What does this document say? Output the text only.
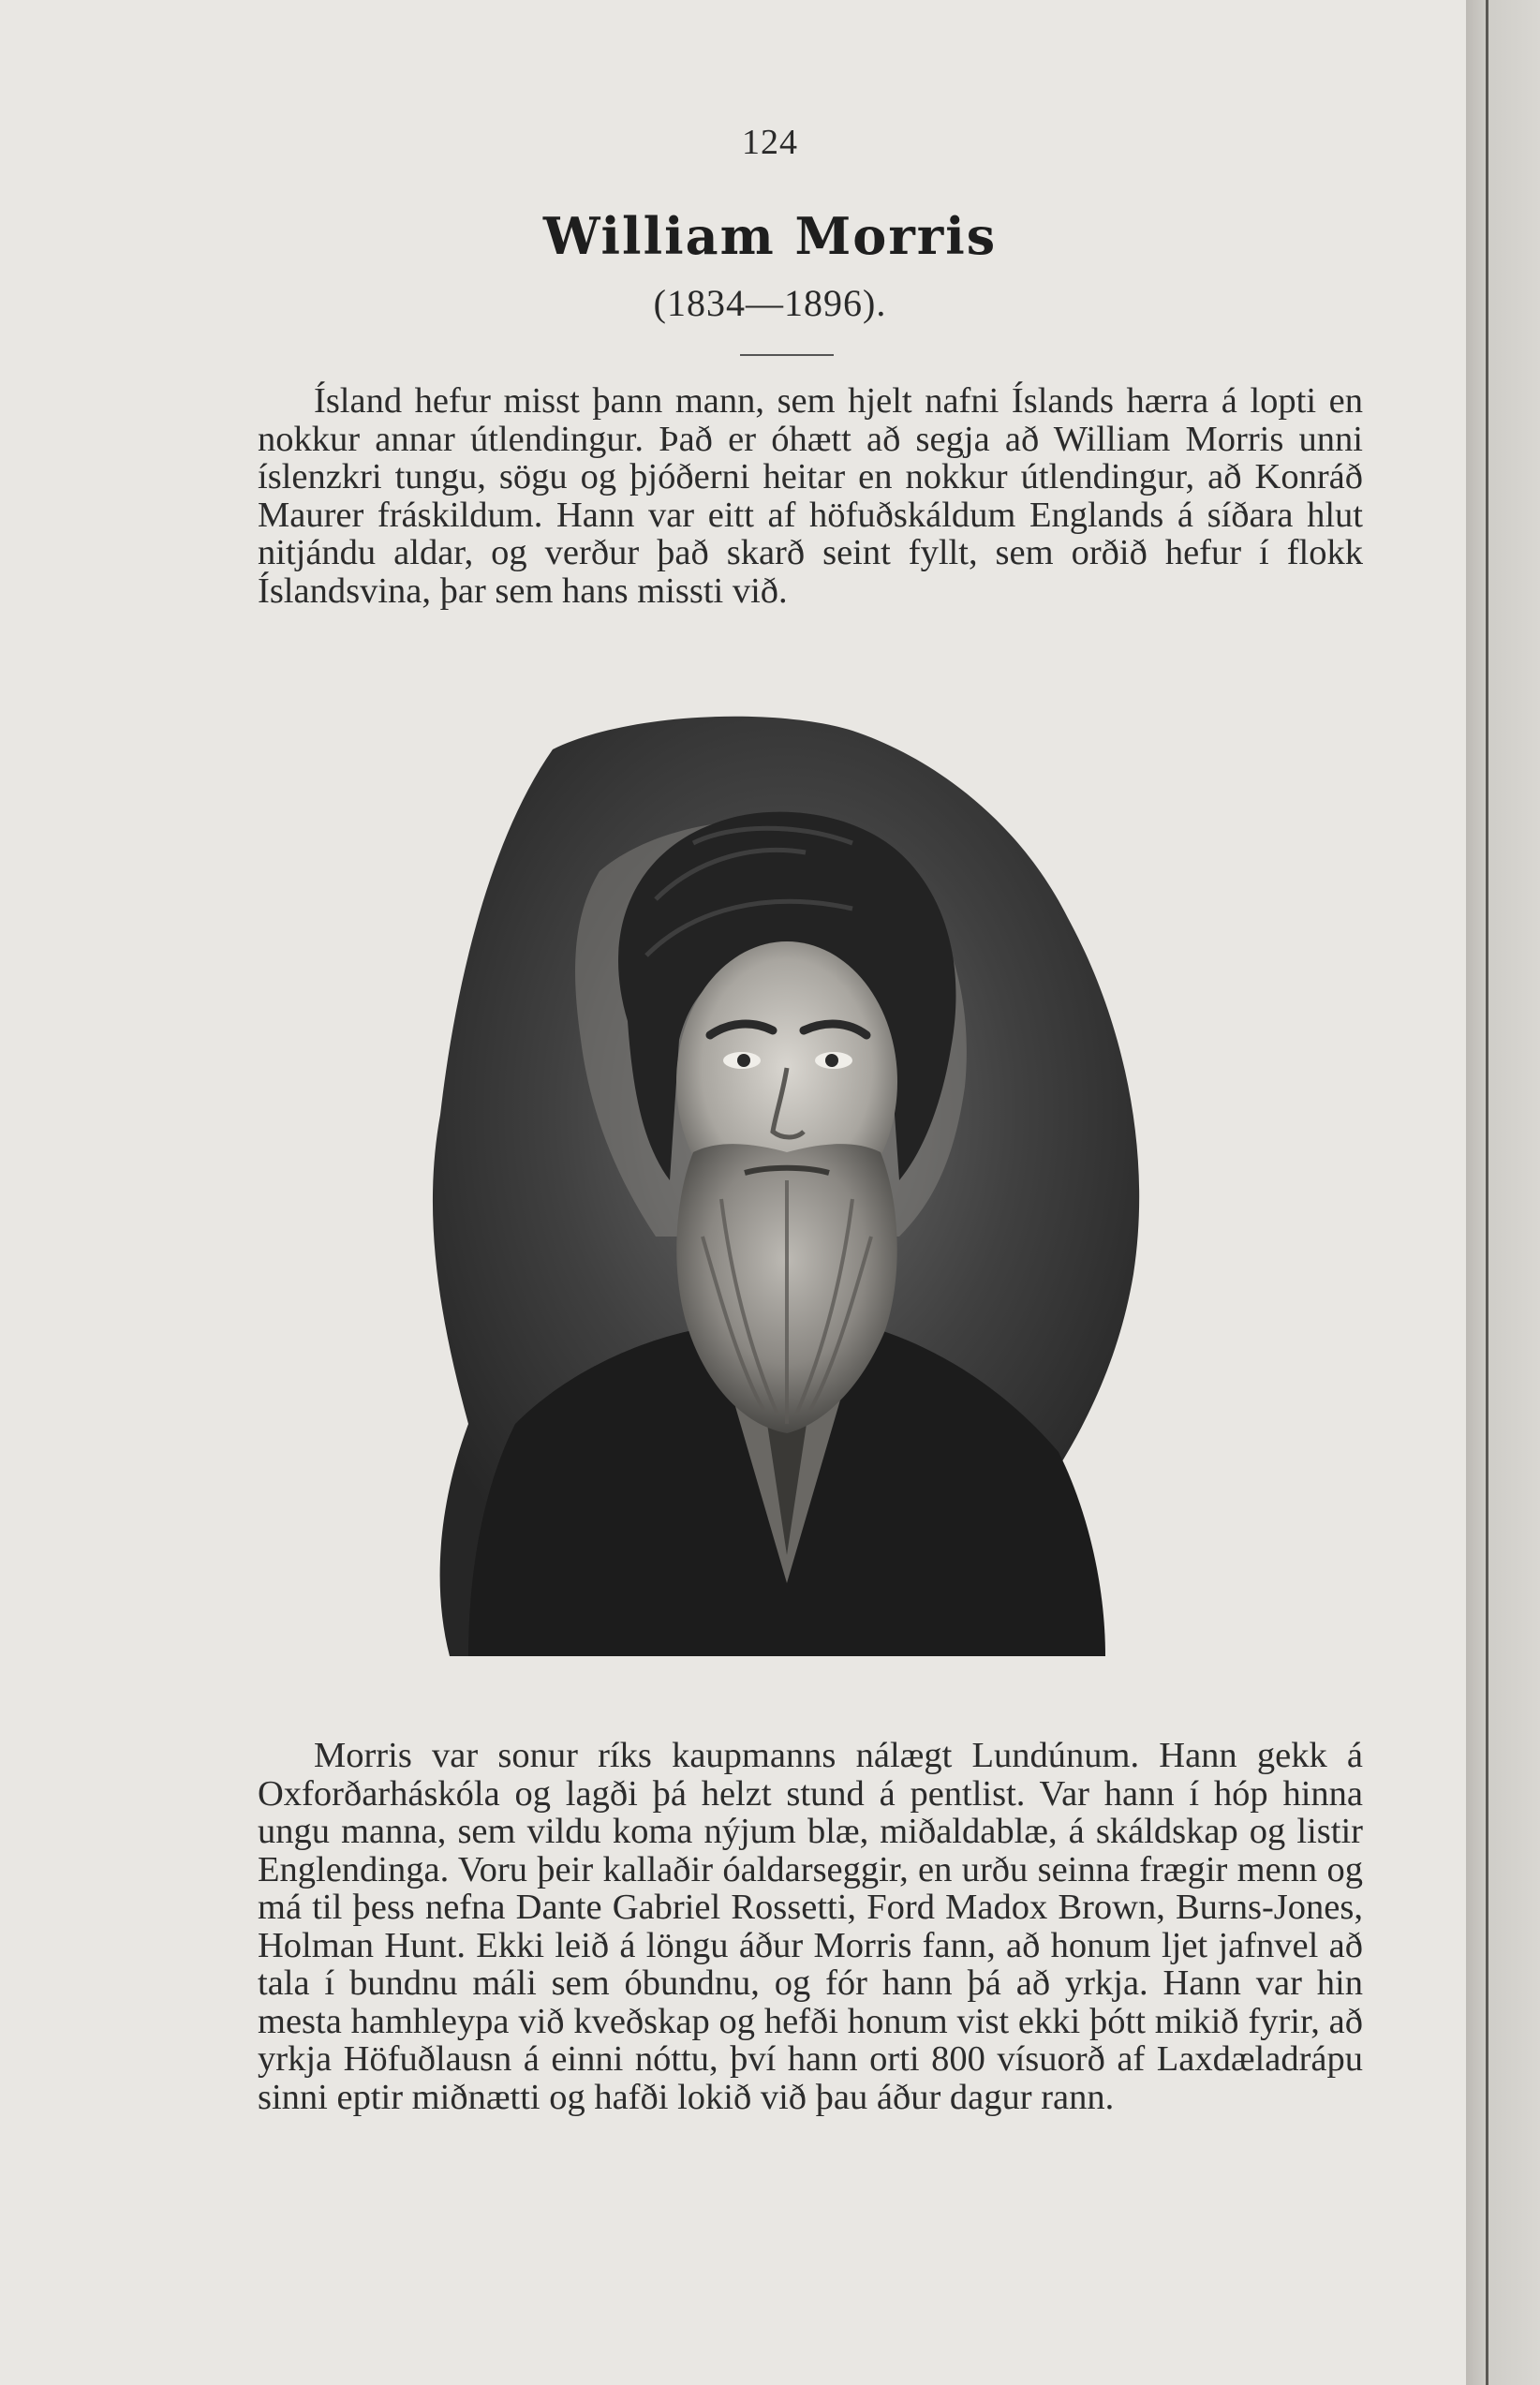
124
William Morris
(1834—1896).

Ísland hefur misst þann mann, sem hjelt nafni Íslands hærra á lopti en nokkur annar útlendingur. Það er óhætt að segja að William Morris unni íslenzkri tungu, sögu og þjóðerni heitar en nokkur útlendingur, að Konráð Maurer fráskildum. Hann var eitt af höfuðskáldum Englands á síðara hlut nitjándu aldar, og verður það skarð seint fyllt, sem orðið hefur í flokk Íslandsvina, þar sem hans missti við.

Morris var sonur ríks kaupmanns nálægt Lundúnum. Hann gekk á Oxforðarháskóla og lagði þá helzt stund á pentlist. Var hann í hóp hinna ungu manna, sem vildu koma nýjum blæ, miðaldablæ, á skáldskap og listir Englendinga. Voru þeir kallaðir óaldarseggir, en urðu seinna frægir menn og má til þess nefna Dante Gabriel Rossetti, Ford Madox Brown, Burns-Jones, Holman Hunt. Ekki leið á löngu áður Morris fann, að honum ljet jafnvel að tala í bundnu máli sem óbundnu, og fór hann þá að yrkja. Hann var hin mesta hamhleypa við kveðskap og hefði honum vist ekki þótt mikið fyrir, að yrkja Höfuðlausn á einni nóttu, því hann orti 800 vísuorð af Laxdæladrápu sinni eptir miðnætti og hafði lokið við þau áður dagur rann.
